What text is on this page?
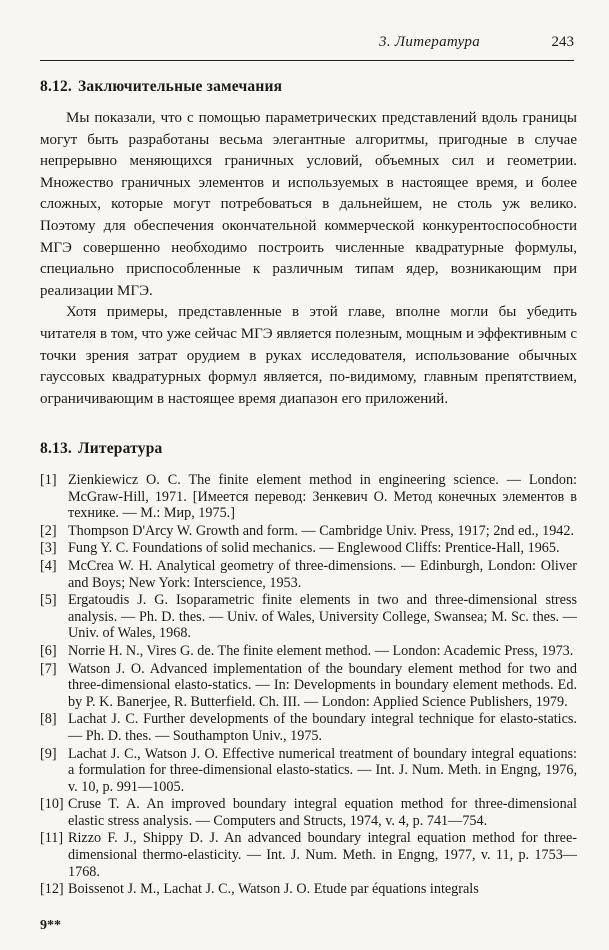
3. Литература	243
8.12. Заключительные замечания

Мы показали, что с помощью параметрических представлений вдоль границы могут быть разработаны весьма элегантные алгоритмы, пригодные в случае непрерывно меняющихся граничных условий, объемных сил и геометрии. Множество граничных элементов и используемых в настоящее время, и более сложных, которые могут потребоваться в дальнейшем, не столь уж велико. Поэтому для обеспечения окончательной коммерческой конкурентоспособности МГЭ совершенно необходимо построить численные квадратурные формулы, специально приспособленные к различным типам ядер, возникающим при реализации МГЭ.

Хотя примеры, представленные в этой главе, вполне могли бы убедить читателя в том, что уже сейчас МГЭ является полезным, мощным и эффективным с точки зрения затрат орудием в руках исследователя, использование обычных гауссовых квадратурных формул является, по-видимому, главным препятствием, ограничивающим в настоящее время диапазон его приложений.

8.13. Литература
[1] Zienkiewicz O. C. The finite element method in engineering science. — London: McGraw-Hill, 1971. [Имеется перевод: Зенкевич О. Метод конечных элементов в технике. — М.: Мир, 1975.]
[2] Thompson D'Arcy W. Growth and form. — Cambridge Univ. Press, 1917; 2nd ed., 1942.
[3] Fung Y. C. Foundations of solid mechanics. — Englewood Cliffs: Prentice-Hall, 1965.
[4] McCrea W. H. Analytical geometry of three-dimensions. — Edinburgh, London: Oliver and Boys; New York: Interscience, 1953.
[5] Ergatoudis J. G. Isoparametric finite elements in two and three-dimensional stress analysis. — Ph. D. thes. — Univ. of Wales, University College, Swansea; M. Sc. thes. — Univ. of Wales, 1968.
[6] Norrie H. N., Vires G. de. The finite element method. — London: Academic Press, 1973.
[7] Watson J. O. Advanced implementation of the boundary element method for two and three-dimensional elasto-statics. — In: Developments in boundary element methods. Ed. by P. K. Banerjee, R. Butterfield. Ch. III. — London: Applied Science Publishers, 1979.
[8] Lachat J. C. Further developments of the boundary integral technique for elasto-statics. — Ph. D. thes. — Southampton Univ., 1975.
[9] Lachat J. C., Watson J. O. Effective numerical treatment of boundary integral equations: a formulation for three-dimensional elasto-statics. — Int. J. Num. Meth. in Engng, 1976, v. 10, p. 991—1005.
[10] Cruse T. A. An improved boundary integral equation method for three-dimensional elastic stress analysis. — Computers and Structs, 1974, v. 4, p. 741—754.
[11] Rizzo F. J., Shippy D. J. An advanced boundary integral equation method for three-dimensional thermo-elasticity. — Int. J. Num. Meth. in Engng, 1977, v. 11, p. 1753—1768.
[12] Boissenot J. M., Lachat J. C., Watson J. O. Etude par équations integrals
9**
